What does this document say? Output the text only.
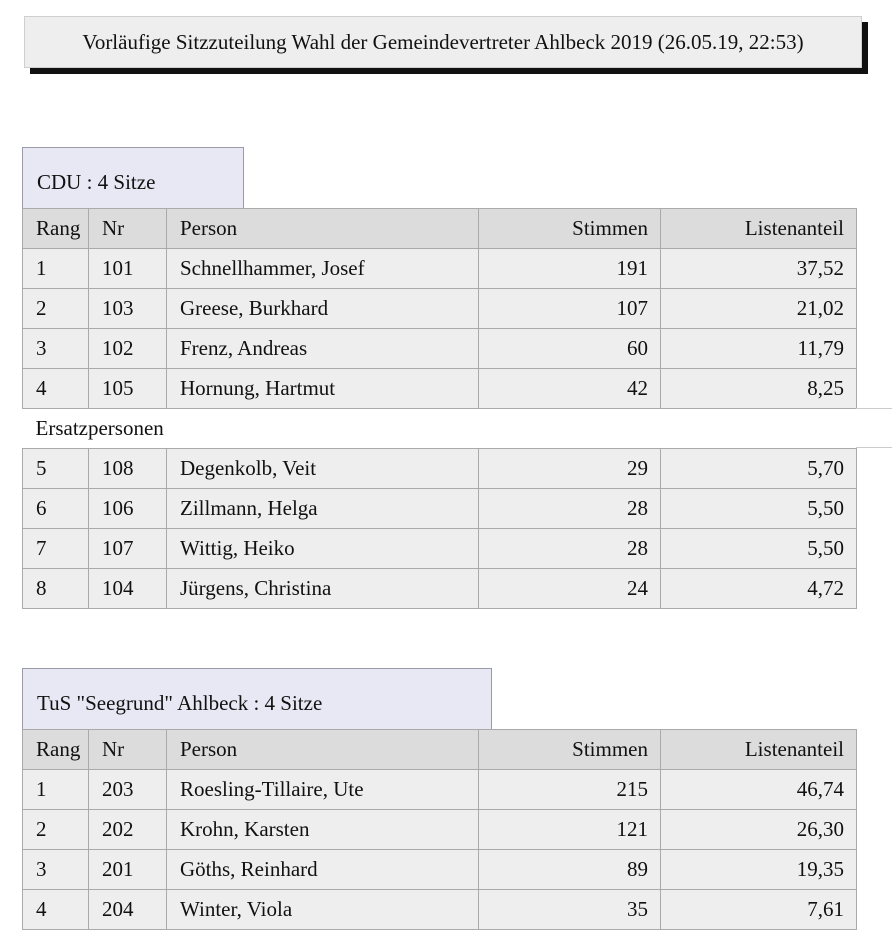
Vorläufige Sitzzuteilung Wahl der Gemeindevertreter Ahlbeck 2019 (26.05.19, 22:53)
CDU : 4 Sitze
Rang	Nr	Person	Stimmen	Listenanteil
1	101	Schnellhammer, Josef	191	37,52
2	103	Greese, Burkhard	107	21,02
3	102	Frenz, Andreas	60	11,79
4	105	Hornung, Hartmut	42	8,25
Ersatzpersonen				
5	108	Degenkolb, Veit	29	5,70
6	106	Zillmann, Helga	28	5,50
7	107	Wittig, Heiko	28	5,50
8	104	Jürgens, Christina	24	4,72
TuS "Seegrund" Ahlbeck : 4 Sitze
Rang	Nr	Person	Stimmen	Listenanteil
1	203	Roesling-Tillaire, Ute	215	46,74
2	202	Krohn, Karsten	121	26,30
3	201	Göths, Reinhard	89	19,35
4	204	Winter, Viola	35	7,61
